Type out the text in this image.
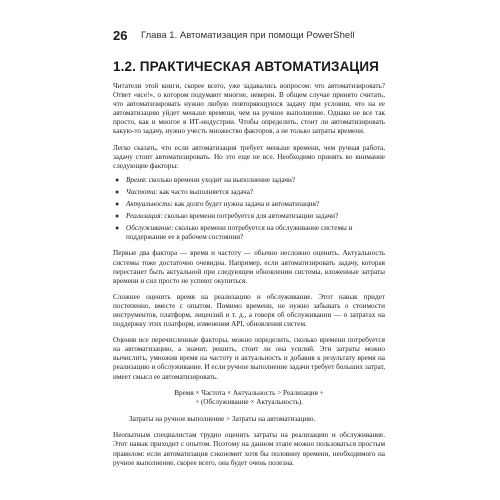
26 Глава 1. Автоматизация при помощи PowerShell
1.2. ПРАКТИЧЕСКАЯ АВТОМАТИЗАЦИЯ

Читатели этой книги, скорее всего, уже задавались вопросом: что автоматизировать? Ответ «все!», о котором подумают многие, неверен. В общем случае принято считать, что автоматизировать нужно любую повторяющуюся задачу при условии, что на ее автоматизацию уйдет меньше времени, чем на ручное выполнение. Однако не все так просто, как и многое в ИТ-индустрии. Чтобы определить, стоит ли автоматизировать какую-то задачу, нужно учесть множество факторов, а не только затраты времени.

Легко сказать, что если автоматизация требует меньше времени, чем ручная работа, задачу стоит автоматизировать. Но это еще не все. Необходимо принять во внимание следующие факторы:

● Время: сколько времени уходит на выполнение задачи?
● Частота: как часто выполняется задача?
● Актуальность: как долго будет нужна задача и автоматизация?
● Реализация: сколько времени потребуется для автоматизации задачи?
● Обслуживание: сколько времени потребуется на обслуживание системы и поддержание ее в рабочем состоянии?

Первые два фактора — время и частоту — обычно несложно оценить. Актуальность системы тоже достаточно очевидна. Например, если автоматизировать задачу, которая перестанет быть актуальной при следующем обновлении системы, вложенные затраты времени и сил просто не успеют окупиться.

Сложнее оценить время на реализацию и обслуживание. Этот навык придет постепенно, вместе с опытом. Помимо времени, не нужно забывать о стоимости инструментов, платформ, лицензий и т. д., а говоря об обслуживании — о затратах на поддержку этих платформ, изменения API, обновления систем.

Оценив все перечисленные факторы, можно определить, сколько времени потребуется на автоматизацию, а значит, решить, стоит ли она усилий. Эти затраты можно вычислить, умножив время на частоту и актуальность и добавив к результату время на реализацию и обслуживание. И если ручное выполнение задачи требует больших затрат, имеет смысл ее автоматизировать.

Время × Частота × Актуальность > Реализация +
+ (Обслуживание × Актуальность).

Затраты на ручное выполнение > Затраты на автоматизацию.

Неопытным специалистам трудно оценить затраты на реализацию и обслуживание. Этот навык приходит с опытом. Поэтому на данном этапе можно пользоваться простым правилом: если автоматизация сэкономит хотя бы половину времени, необходимого на ручное выполнение, скорее всего, она будет очень полезна.
